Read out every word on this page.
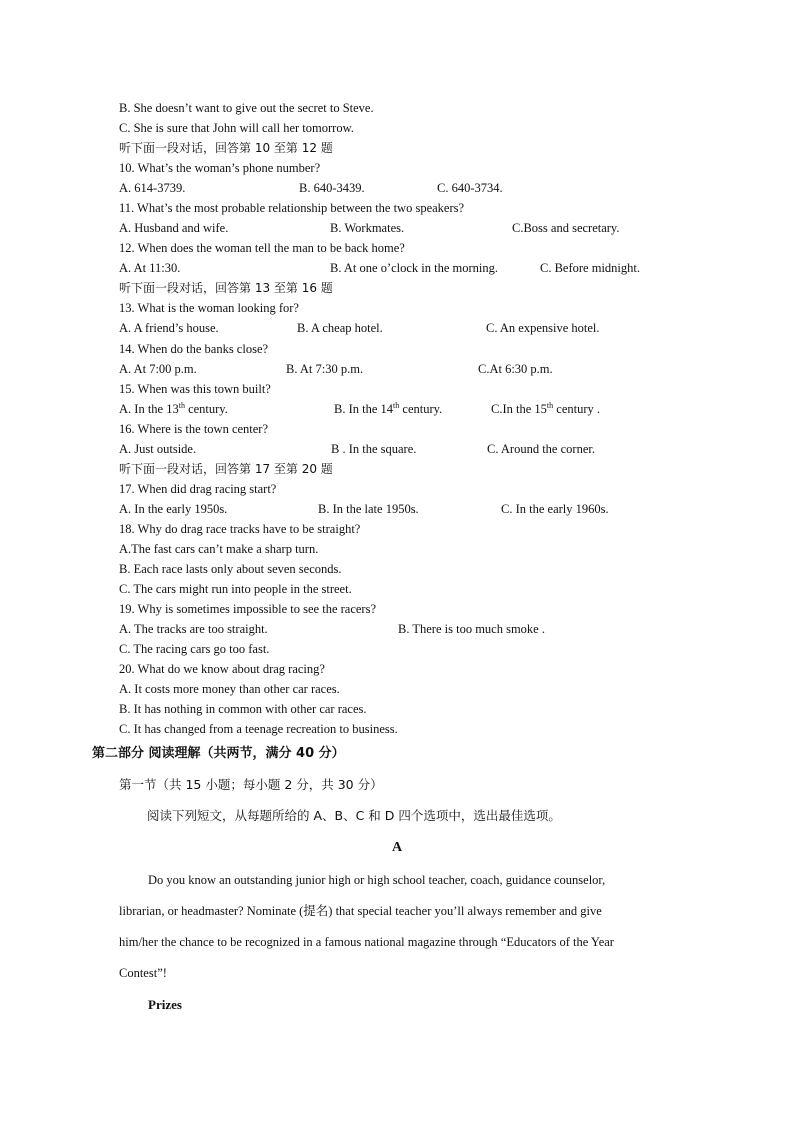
B. She doesn’t want to give out the secret to Steve.
C. She is sure that John will call her tomorrow.
听下面一段对话，回答第 10 至第 12 题
10. What’s the woman’s phone number?
A. 614-3739.	B. 640-3439.	C. 640-3734.
11. What’s the most probable relationship between the two speakers?
A. Husband and wife.	B. Workmates.	C.Boss and secretary.
12. When does the woman tell the man to be back home?
A. At 11:30.	B. At one o’clock in the morning.	C. Before midnight.
听下面一段对话，回答第 13 至第 16 题
13. What is the woman looking for?
A. A friend’s house.	B. A cheap hotel.	C. An expensive hotel.
14. When do the banks close?
A. At 7:00 p.m.	B. At 7:30 p.m.	C.At 6:30 p.m.
15. When was this town built?
A. In the 13th century.	B. In the 14th century.	C.In the 15th century .
16. Where is the town center?
A. Just outside.	B . In the square.	C. Around the corner.
听下面一段对话，回答第 17 至第 20 题
17. When did drag racing start?
A. In the early 1950s.	B. In the late 1950s.	C. In the early 1960s.
18. Why do drag race tracks have to be straight?
A.The fast cars can’t make a sharp turn.
B. Each race lasts only about seven seconds.
C. The cars might run into people in the street.
19. Why is sometimes impossible to see the racers?
A. The tracks are too straight.	B. There is too much smoke .
C. The racing cars go too fast.
20. What do we know about drag racing?
A. It costs more money than other car races.
B. It has nothing in common with other car races.
C. It has changed from a teenage recreation to business.
第二部分 阅读理解（共两节，满分 40 分）
第一节（共 15 小题；每小题 2 分，共 30 分）
阅读下列短文，从每题所给的 A、B、C 和 D 四个选项中，选出最佳选项。
A
Do you know an outstanding junior high or high school teacher, coach, guidance counselor,
librarian, or headmaster? Nominate (提名) that special teacher you’ll always remember and give
him/her the chance to be recognized in a famous national magazine through “Educators of the Year
Contest”!
Prizes
